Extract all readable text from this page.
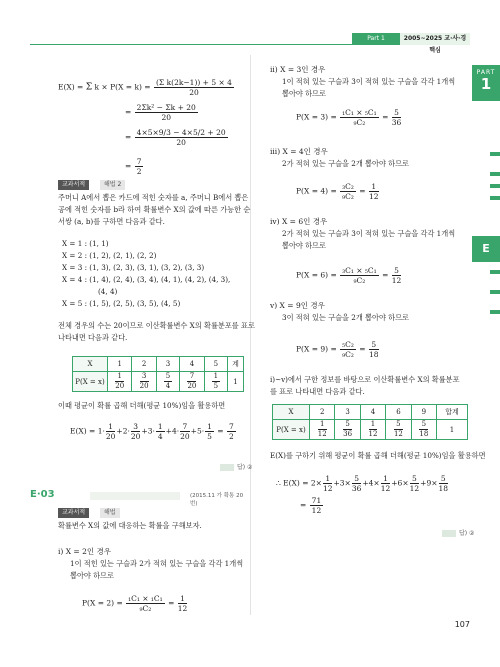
Part 1	2005~2025 교·사·경 핵심
PART
1
E
E(X) = Σ $k \times P(X = k) = \frac{\text{(Σ k(2k−1)) + 5 × 4}}{20}$
= $\frac{\text{2Σk² − Σk + 20}}{20}$
= $\frac{4\times 5\times 9/3 - 4\times 5/2 + 20}{20}$
= $\frac{7}{2}$
교과서적	해법 2
주머니 A에서 뽑은 카드에 적힌 숫자를 a, 주머니 B에서 뽑은
공에 적힌 숫자를 b라 하여 확률변수 X의 값에 따른 가능한 순
서쌍 (a, b)를 구하면 다음과 같다.
X = 1 : (1, 1)
X = 2 : (1, 2), (2, 1), (2, 2)
X = 3 : (1, 3), (2, 3), (3, 1), (3, 2), (3, 3)
X = 4 : (1, 4), (2, 4), (3, 4), (4, 1), (4, 2), (4, 3),
(4, 4)
X = 5 : (1, 5), (2, 5), (3, 5), (4, 5)
전체 경우의 수는 20이므로 이산확률변수 X의 확률분포를 표로
나타내면 다음과 같다.
X	1	2	3	4	5	계
P(X = x)	$\frac{1}{20}$	$\frac{3}{20}$	$\frac{5}{4}$	$\frac{7}{20}$	$\frac{1}{5}$	1
이때 평균이 확률 곱해 더해(평균 10%)임을 활용하면
$E(X) = 1\cdot \frac{1}{20} +2\cdot \frac{3}{20} +3\cdot \frac{1}{4} +4\cdot \frac{7}{20} +5\cdot \frac{1}{5} = \frac{7}{2}$
답) ②
E·03	(2015.11 가 확통 20번)
교과서적	해법
확률변수 X의 값에 대응하는 확률을 구해보자.
i) X = 2인 경우
1이 적힌 있는 구슬과 2가 적혀 있는 구슬을 각각 1개씩
뽑아야 하므로
$P(X = 2) = \frac{\text{₁C₁ × ₁C₁}}{\text{₉C₂}} = \frac{1}{12}$
ii) X = 3인 경우
1이 적혀 있는 구슬과 3이 적혀 있는 구슬을 각각 1개씩
뽑아야 하므로
$P(X = 3) = \frac{\text{₁C₁ × ₅C₁}}{\text{₉C₂}} = \frac{5}{36}$
iii) X = 4인 경우
2가 적혀 있는 구슬을 2개 뽑아야 하므로
$P(X = 4) = \frac{\text{₃C₂}}{\text{₉C₂}} = \frac{1}{12}$
iv) X = 6인 경우
2가 적혀 있는 구슬과 3이 적혀 있는 구슬을 각각 1개씩
뽑아야 하므로
$P(X = 6) = \frac{\text{₃C₁ × ₅C₁}}{\text{₉C₂}} = \frac{5}{12}$
v) X = 9인 경우
3이 적혀 있는 구슬을 2개 뽑아야 하므로
$P(X = 9) = \frac{\text{₅C₂}}{\text{₉C₂}} = \frac{5}{18}$
i)~v)에서 구한 정보를 바탕으로 이산확률변수 X의 확률분포
를 표로 나타내면 다음과 같다.
X	2	3	4	6	9	합계
P(X = x)	$\frac{1}{12}$	$\frac{5}{36}$	$\frac{1}{12}$	$\frac{5}{12}$	$\frac{5}{18}$	1
E(X)를 구하기 위해 평균이 확률 곱해 더해(평균 10%)임을 활용하면
∴ $E(X) = 2\times \frac{1}{12} +3\times \frac{5}{36} +4\times \frac{1}{12} +6\times \frac{5}{12} +9\times \frac{5}{18}$
= $\frac{71}{12}$
답) ②
107
